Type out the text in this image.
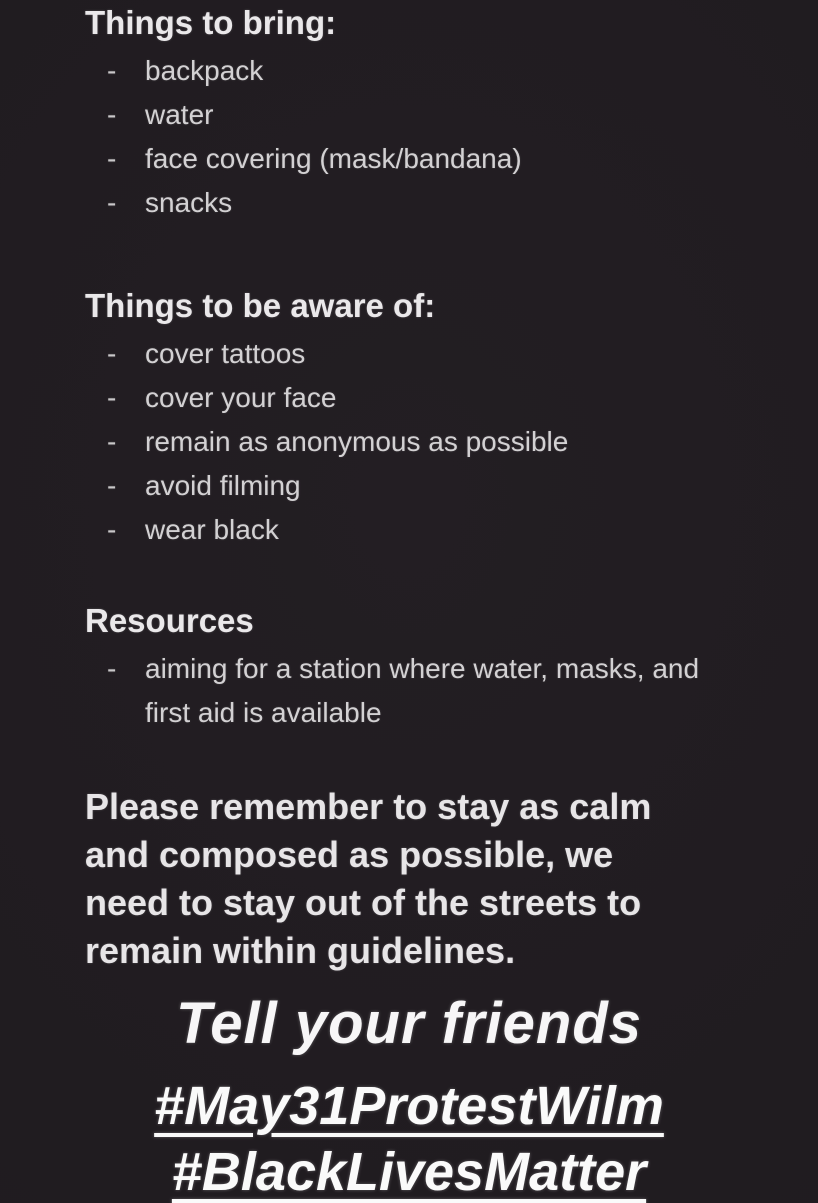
Things to bring:
- backpack
- water
- face covering (mask/bandana)
- snacks
Things to be aware of:
- cover tattoos
- cover your face
- remain as anonymous as possible
- avoid filming
- wear black
Resources
- aiming for a station where water, masks, and first aid is available

Please remember to stay as calm
and composed as possible, we
need to stay out of the streets to
remain within guidelines.

Tell your friends
#May31ProtestWilm
#BlackLivesMatter
